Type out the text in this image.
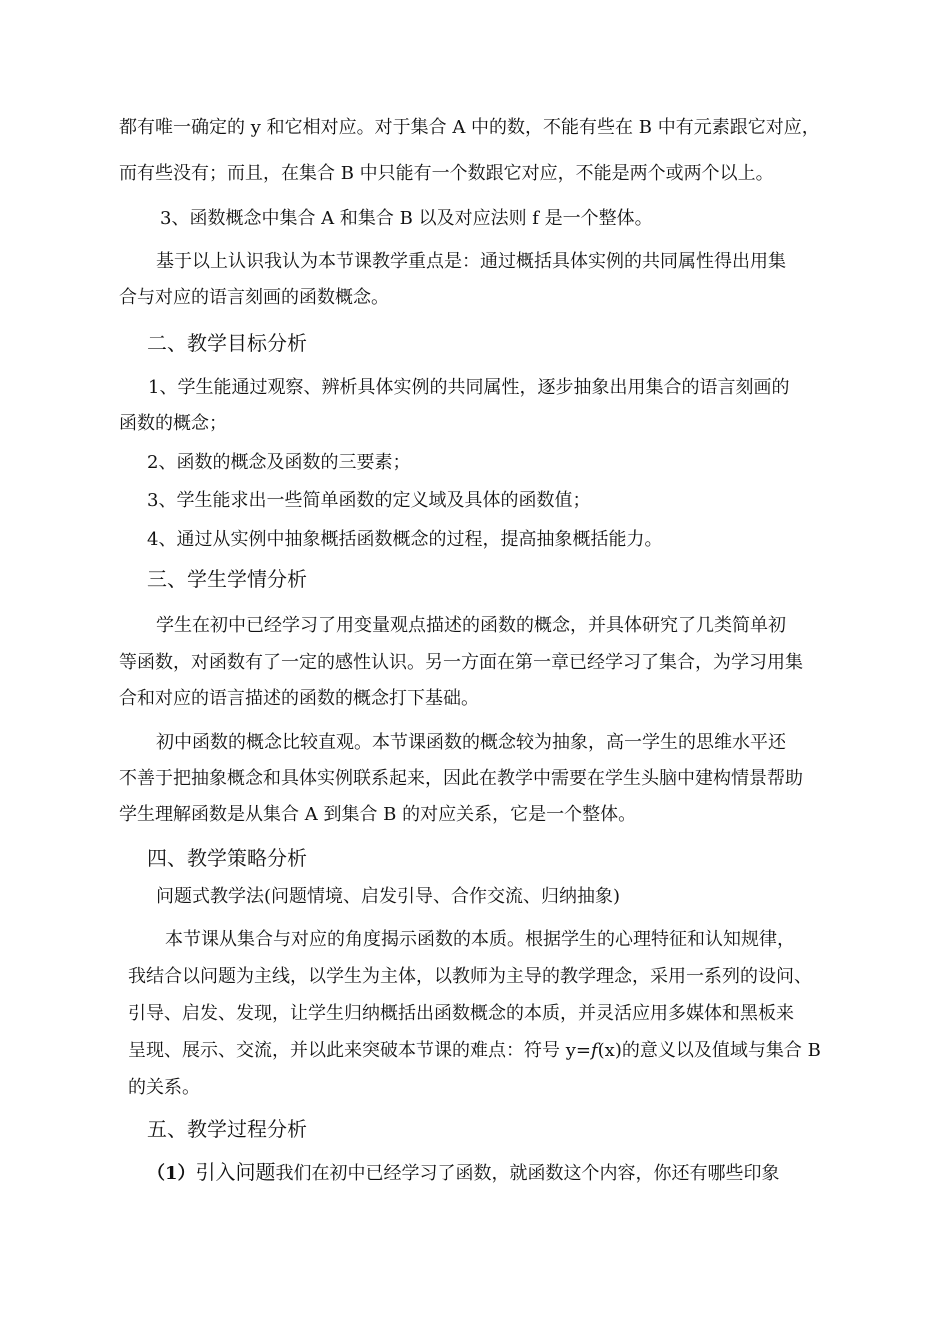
都有唯一确定的 y 和它相对应。对于集合 A 中的数，不能有些在 B 中有元素跟它对应，
而有些没有；而且，在集合 B 中只能有一个数跟它对应，不能是两个或两个以上。
3、函数概念中集合 A 和集合 B 以及对应法则 f 是一个整体。
基于以上认识我认为本节课教学重点是：通过概括具体实例的共同属性得出用集
合与对应的语言刻画的函数概念。
二、教学目标分析
1、学生能通过观察、辨析具体实例的共同属性，逐步抽象出用集合的语言刻画的
函数的概念；
2、函数的概念及函数的三要素；
3、学生能求出一些简单函数的定义域及具体的函数值；
4、通过从实例中抽象概括函数概念的过程，提高抽象概括能力。
三、学生学情分析
学生在初中已经学习了用变量观点描述的函数的概念，并具体研究了几类简单初
等函数，对函数有了一定的感性认识。另一方面在第一章已经学习了集合，为学习用集
合和对应的语言描述的函数的概念打下基础。
初中函数的概念比较直观。本节课函数的概念较为抽象，高一学生的思维水平还
不善于把抽象概念和具体实例联系起来，因此在教学中需要在学生头脑中建构情景帮助
学生理解函数是从集合 A 到集合 B 的对应关系，它是一个整体。
四、教学策略分析
问题式教学法(问题情境、启发引导、合作交流、归纳抽象)
本节课从集合与对应的角度揭示函数的本质。根据学生的心理特征和认知规律，
我结合以问题为主线，以学生为主体，以教师为主导的教学理念，采用一系列的设问、
引导、启发、发现，让学生归纳概括出函数概念的本质，并灵活应用多媒体和黑板来
呈现、展示、交流，并以此来突破本节课的难点：符号 y=f(x)的意义以及值域与集合 B
的关系。
五、教学过程分析
（1）引入问题我们在初中已经学习了函数，就函数这个内容，你还有哪些印象
